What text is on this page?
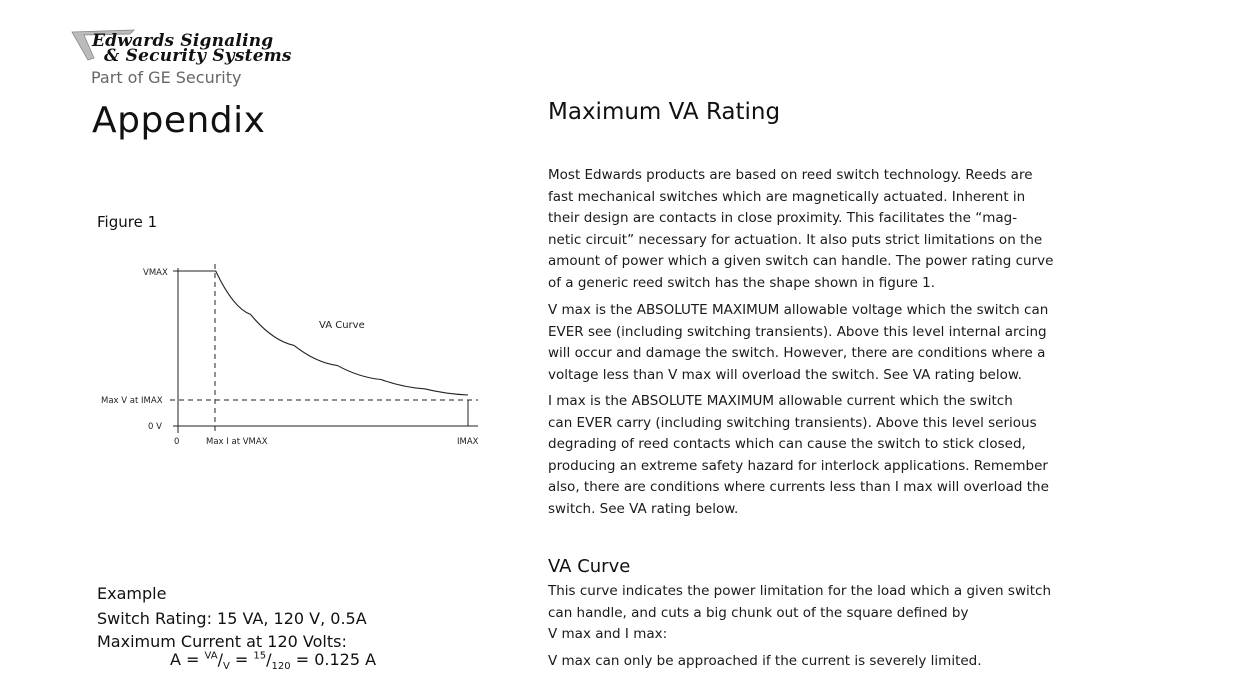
Edwards Signaling
& Security Systems
Part of GE Security
Appendix
Figure 1
VMAX
Max V at IMAX
0 V
0	Max I at VMAX	IMAX
VA Curve
Example
Switch Rating: 15 VA, 120 V, 0.5A
Maximum Current at 120 Volts:
$A = ^{VA}/_V = ^{15}/_{120} = 0.125$ A
Maximum VA Rating
Most Edwards products are based on reed switch technology. Reeds are
fast mechanical switches which are magnetically actuated. Inherent in
their design are contacts in close proximity. This facilitates the “mag-
netic circuit” necessary for actuation. It also puts strict limitations on the
amount of power which a given switch can handle. The power rating curve
of a generic reed switch has the shape shown in figure 1.
V max is the ABSOLUTE MAXIMUM allowable voltage which the switch can
EVER see (including switching transients). Above this level internal arcing
will occur and damage the switch. However, there are conditions where a
voltage less than V max will overload the switch. See VA rating below.
I max is the ABSOLUTE MAXIMUM allowable current which the switch
can EVER carry (including switching transients). Above this level serious
degrading of reed contacts which can cause the switch to stick closed,
producing an extreme safety hazard for interlock applications. Remember
also, there are conditions where currents less than I max will overload the
switch. See VA rating below.
VA Curve
This curve indicates the power limitation for the load which a given switch
can handle, and cuts a big chunk out of the square defined by
V max and I max:
V max can only be approached if the current is severely limited.
